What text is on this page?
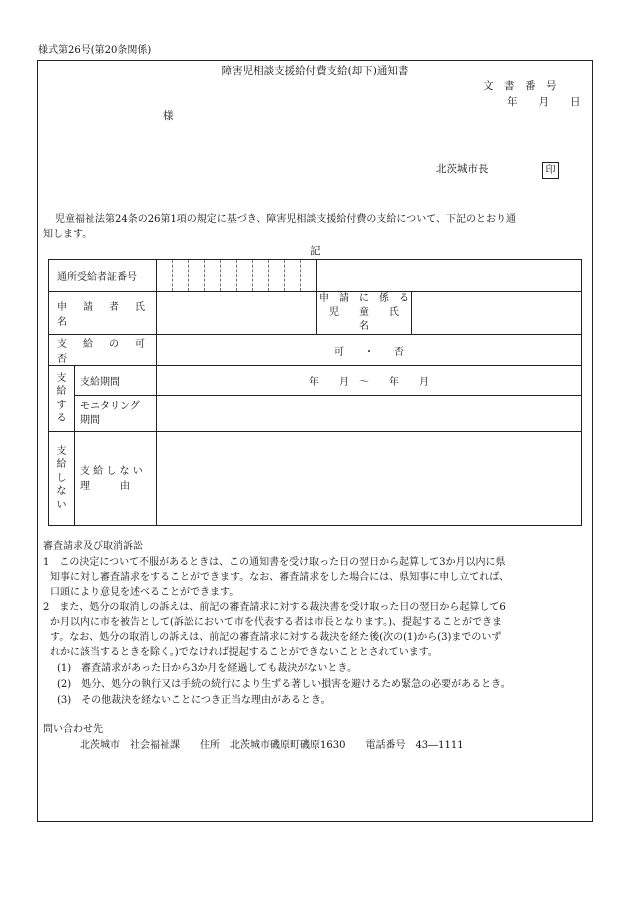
様式第26号(第20条関係)
障害児相談支援給付費支給(却下)通知書
文　書　番　号
年　　月　　日
様
北茨城市長	印
児童福祉法第24条の26第1項の規定に基づき、障害児相談支援給付費の支給について、下記のとおり通
知します。
記
通所受給者証番号			

申　請　者　氏　名			申　請　に　係　る
児　　童　　氏　　名	

支　給　の　可　否		可　　・　　否		

支
給
す
る	支給期間	年　　月　～　　年　　月		

	モニタリング
期間			

支
給
し
な
い	支 給 し な い
理　　　由			

審査請求及び取消訴訟
1　この決定について不服があるときは、この通知書を受け取った日の翌日から起算して3か月以内に県
知事に対し審査請求をすることができます。なお、審査請求をした場合には、県知事に申し立てれば、
口頭により意見を述べることができます。
2　また、処分の取消しの訴えは、前記の審査請求に対する裁決書を受け取った日の翌日から起算して6
か月以内に市を被告として(訴訟において市を代表する者は市長となります。)、提起することができま
す。なお、処分の取消しの訴えは、前記の審査請求に対する裁決を経た後(次の(1)から(3)までのいず
れかに該当するときを除く。)でなければ提起することができないこととされています。
(1)　審査請求があった日から3か月を経過しても裁決がないとき。
(2)　処分、処分の執行又は手続の続行により生ずる著しい損害を避けるため緊急の必要があるとき。
(3)　その他裁決を経ないことにつき正当な理由があるとき。
問い合わせ先
北茨城市　社会福祉課　　住所　北茨城市磯原町磯原1630　　電話番号　43―1111
